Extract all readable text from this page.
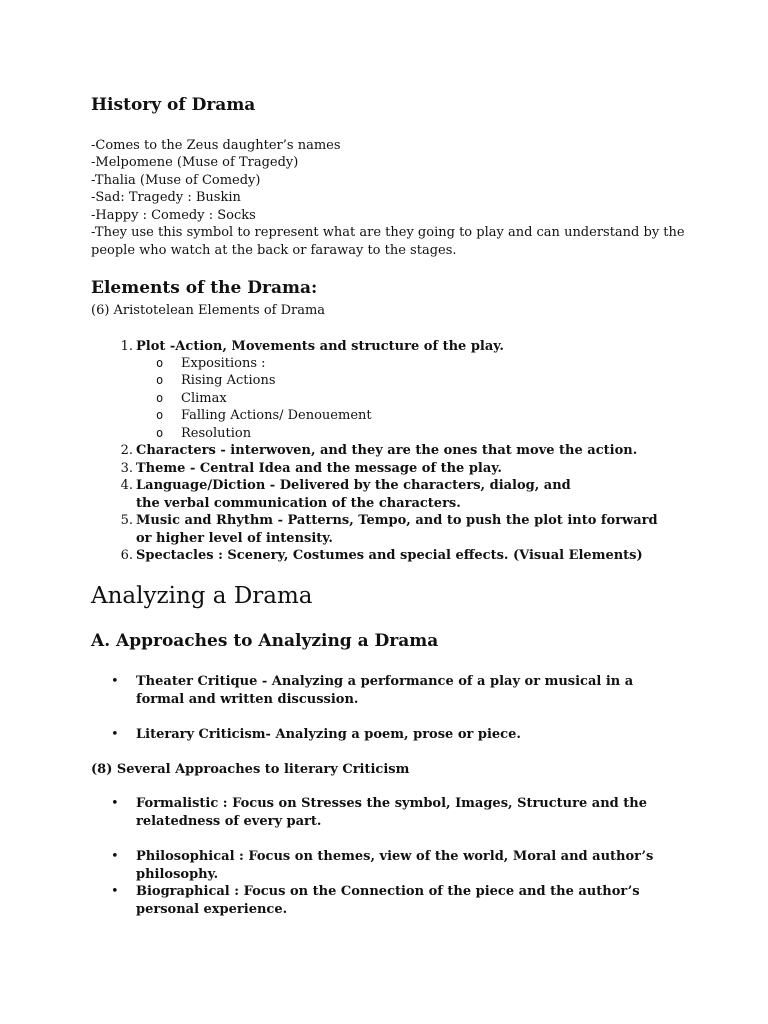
History of Drama
-Comes to the Zeus daughter’s names
-Melpomene (Muse of Tragedy)
-Thalia (Muse of Comedy)
-Sad: Tragedy : Buskin
-Happy : Comedy : Socks
-They use this symbol to represent what are they going to play and can understand by the people who watch at the back or faraway to the stages.
Elements of the Drama:
(6) Aristotelean Elements of Drama
1. Plot -Action, Movements and structure of the play.
o Expositions :
o Rising Actions
o Climax
o Falling Actions/ Denouement
o Resolution
2. Characters - interwoven, and they are the ones that move the action.
3. Theme - Central Idea and the message of the play.
4. Language/Diction - Delivered by the characters, dialog, and the verbal communication of the characters.
5. Music and Rhythm - Patterns, Tempo, and to push the plot into forward or higher level of intensity.
6. Spectacles : Scenery, Costumes and special effects. (Visual Elements)
Analyzing a Drama
A. Approaches to Analyzing a Drama
• Theater Critique - Analyzing a performance of a play or musical in a formal and written discussion.
• Literary Criticism- Analyzing a poem, prose or piece.
(8) Several Approaches to literary Criticism
• Formalistic : Focus on Stresses the symbol, Images, Structure and the relatedness of every part.
• Philosophical : Focus on themes, view of the world, Moral and author’s philosophy.
• Biographical : Focus on the Connection of the piece and the author’s personal experience.
